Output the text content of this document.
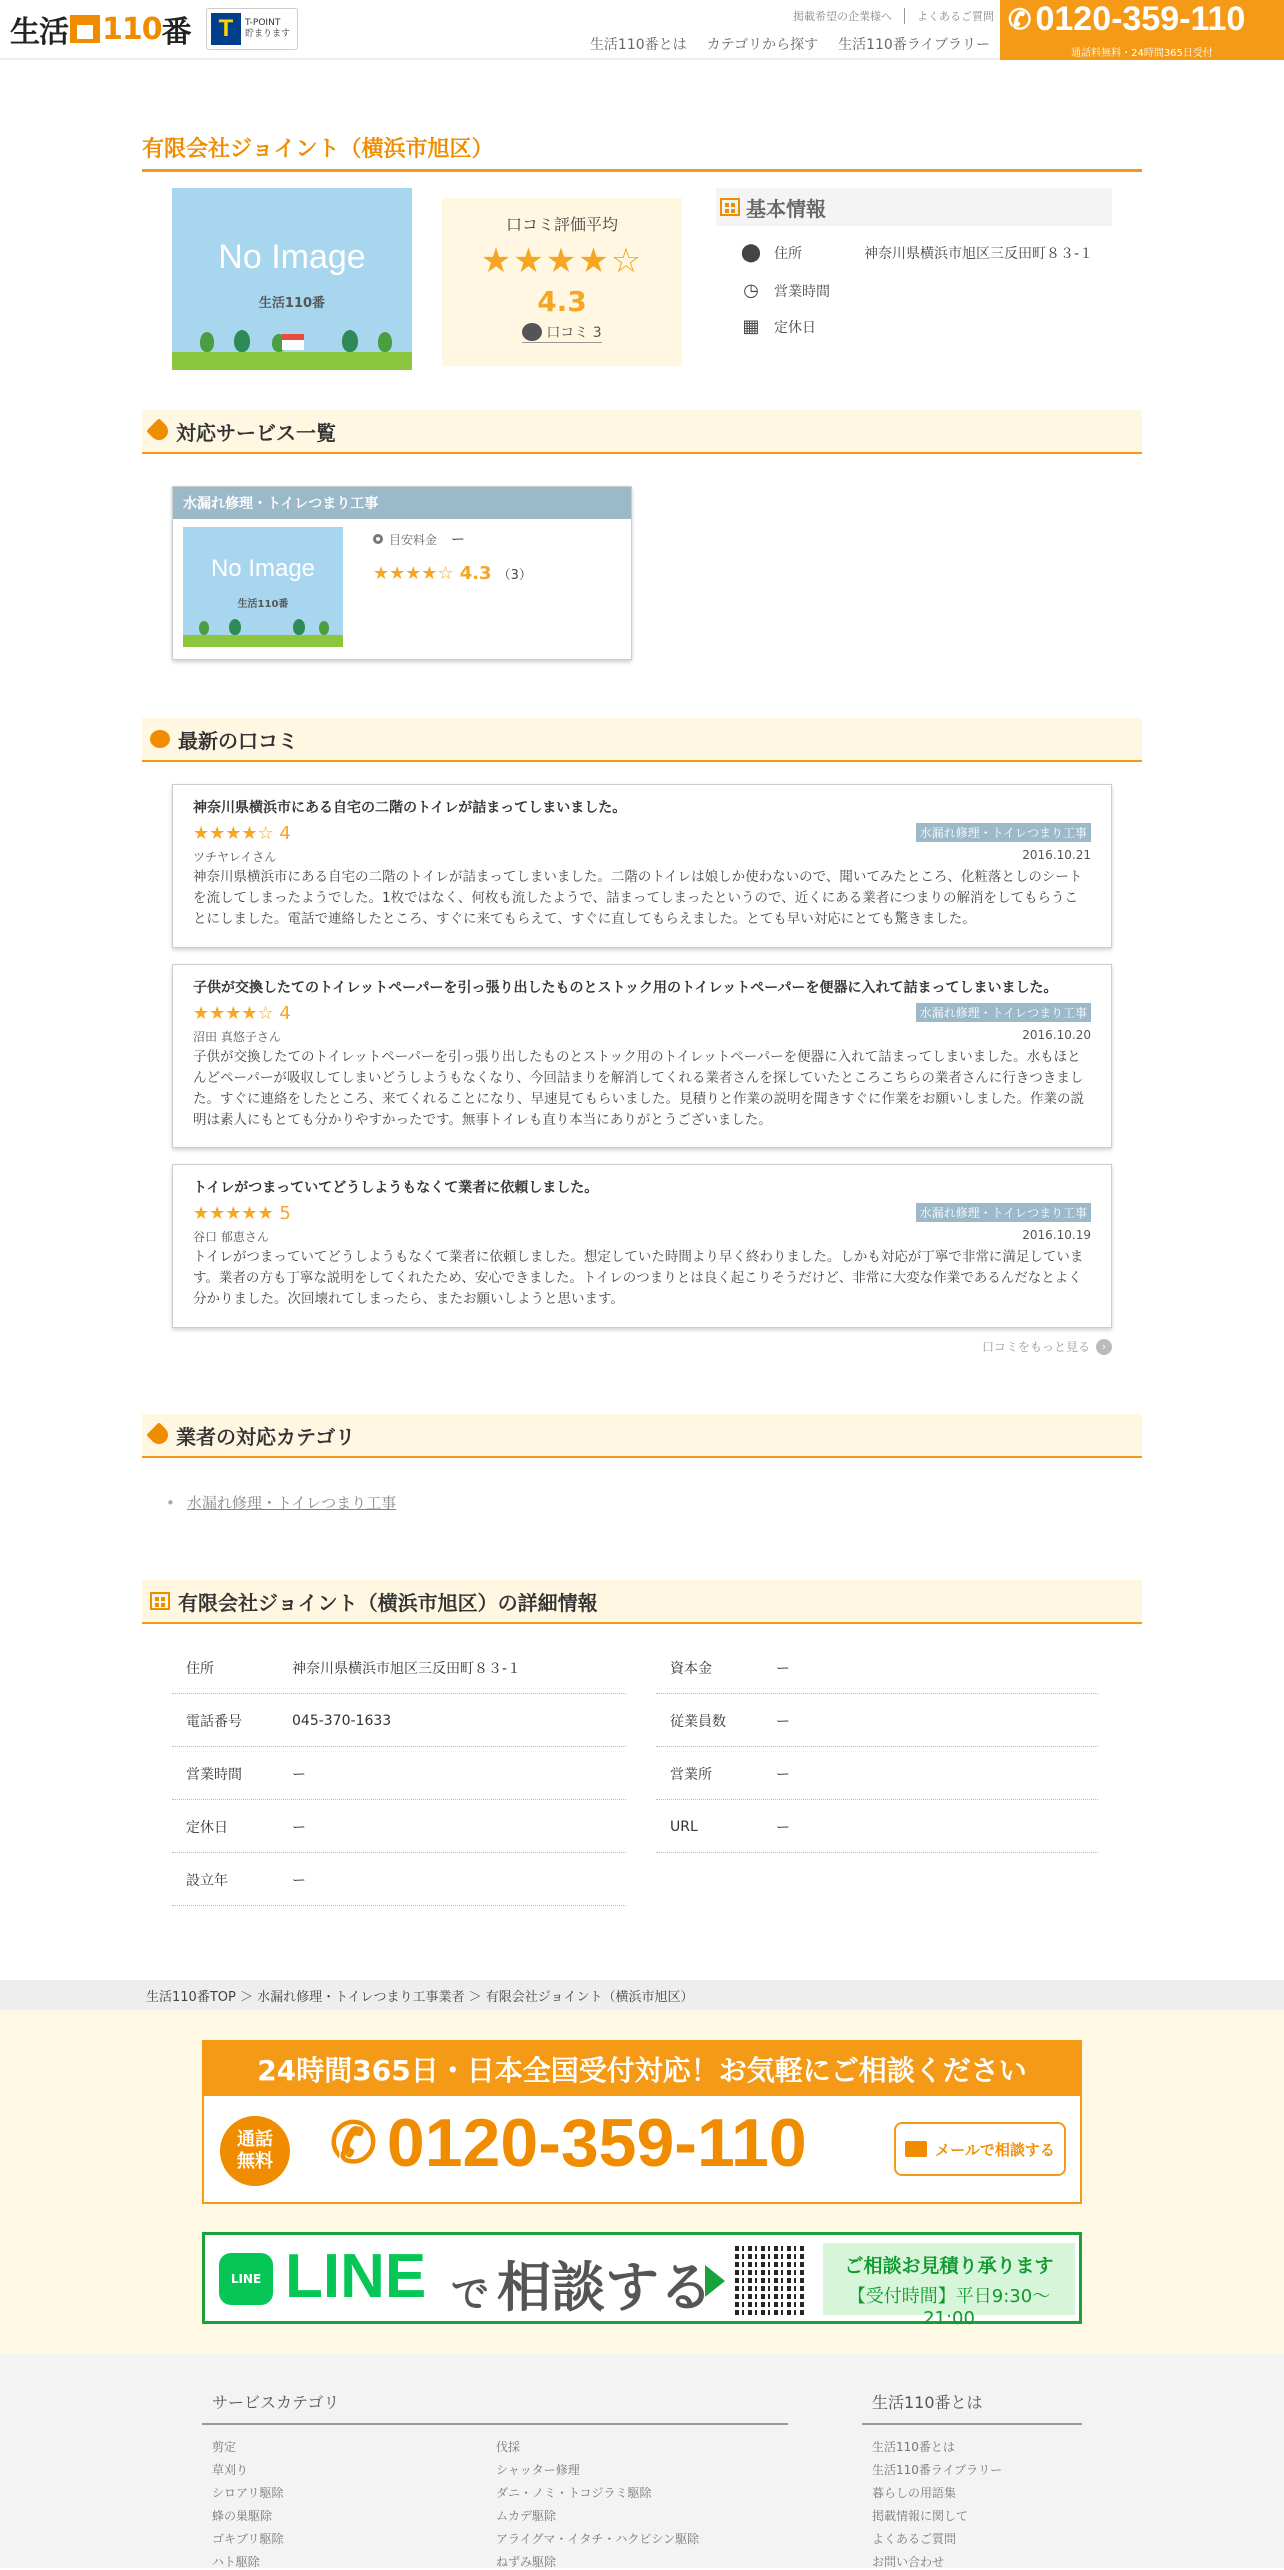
生活 110 番	T	T-POINT
貯まります
掲載希望の企業様へ よくあるご質問
生活110番とは カテゴリから探す 生活110番ライブラリー
✆ 0120-359-110
通話料無料・24時間365日受付
有限会社ジョイント（横浜市旭区）
No Image
生活110番
口コミ評価平均
★★★★☆
4.3
口コミ 3
基本情報
⬤ 住所	神奈川県横浜市旭区三反田町８３-１
◷ 営業時間
▦ 定休日
対応サービス一覧
水漏れ修理・トイレつまり工事
No Image
生活110番
目安料金 ー
★★★★☆ 4.3 （3）
最新の口コミ
神奈川県横浜市にある自宅の二階のトイレが詰まってしまいました。
★★★★☆ 4	水漏れ修理・トイレつまり工事
ツチヤレイさん	2016.10.21
神奈川県横浜市にある自宅の二階のトイレが詰まってしまいました。二階のトイレは娘しか使わないので、聞いてみたところ、化粧落としのシートを流してしまったようでした。1枚ではなく、何枚も流したようで、詰まってしまったというので、近くにある業者につまりの解消をしてもらうことにしました。電話で連絡したところ、すぐに来てもらえて、すぐに直してもらえました。とても早い対応にとても驚きました。
子供が交換したてのトイレットペーパーを引っ張り出したものとストック用のトイレットペーパーを便器に入れて詰まってしまいました。
★★★★☆ 4	水漏れ修理・トイレつまり工事
沼田 真悠子さん	2016.10.20
子供が交換したてのトイレットペーパーを引っ張り出したものとストック用のトイレットペーパーを便器に入れて詰まってしまいました。水もほとんどペーパーが吸収してしまいどうしようもなくなり、今回詰まりを解消してくれる業者さんを探していたところこちらの業者さんに行きつきました。すぐに連絡をしたところ、来てくれることになり、早速見てもらいました。見積りと作業の説明を聞きすぐに作業をお願いしました。作業の説明は素人にもとても分かりやすかったです。無事トイレも直り本当にありがとうございました。
トイレがつまっていてどうしようもなくて業者に依頼しました。
★★★★★ 5	水漏れ修理・トイレつまり工事
谷口 郁恵さん	2016.10.19
トイレがつまっていてどうしようもなくて業者に依頼しました。想定していた時間より早く終わりました。しかも対応が丁寧で非常に満足しています。業者の方も丁寧な説明をしてくれたため、安心できました。トイレのつまりとは良く起こりそうだけど、非常に大変な作業であるんだなとよく分かりました。次回壊れてしまったら、またお願いしようと思います。
口コミをもっと見る	›
業者の対応カテゴリ
• 水漏れ修理・トイレつまり工事
有限会社ジョイント（横浜市旭区）の詳細情報
住所	神奈川県横浜市旭区三反田町８３-１
電話番号	045-370-1633
営業時間	ー
定休日	ー
設立年	ー
資本金	ー
従業員数	ー
営業所	ー
URL	ー
生活110番TOP ＞ 水漏れ修理・トイレつまり工事業者 ＞ 有限会社ジョイント（横浜市旭区）
24時間365日・日本全国受付対応！お気軽にご相談ください
通話
無料	✆ 0120-359-110	メールで相談する
LINE LINE で 相談する	ご相談お見積り承ります
【受付時間】平日9:30〜21:00
サービスカテゴリ
剪定
草刈り
シロアリ駆除
蜂の巣駆除
ゴキブリ駆除
ハト駆除
伐採
シャッター修理
ダニ・ノミ・トコジラミ駆除
ムカデ駆除
アライグマ・イタチ・ハクビシン駆除
ねずみ駆除
生活110番とは
生活110番とは
生活110番ライブラリー
暮らしの用語集
掲載情報に関して
よくあるご質問
お問い合わせ
